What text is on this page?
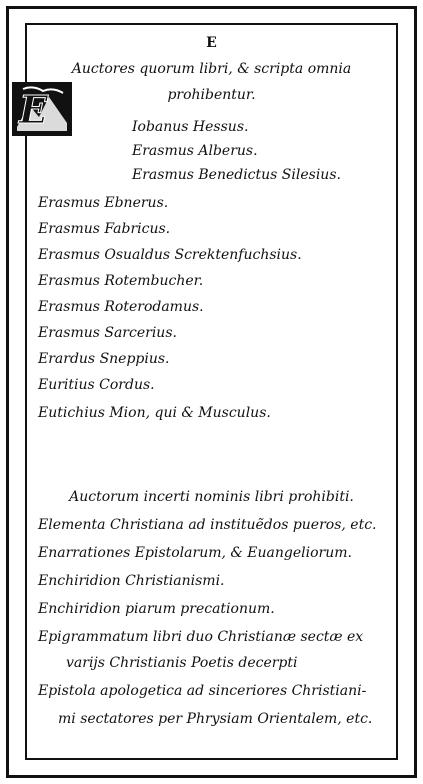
E
Auctores quorum libri, & scripta omnia
prohibentur.
E	Iobanus Hessus.
Erasmus Alberus.
Erasmus Benedictus Silesius.
Erasmus Ebnerus.
Erasmus Fabricus.
Erasmus Osualdus Screktenfuchsius.
Erasmus Rotembucher.
Erasmus Roterodamus.
Erasmus Sarcerius.
Erardus Sneppius.
Euritius Cordus.
Eutichius Mion, qui & Musculus.
Auctorum incerti nominis libri prohibiti.
Elementa Christiana ad instituẽdos pueros, etc.
Enarrationes Epistolarum, & Euangeliorum.
Enchiridion Christianismi.
Enchiridion piarum precationum.
Epigrammatum libri duo Christianæ sectæ ex
varijs Christianis Poetis decerpti
Epistola apologetica ad sinceriores Christiani-
mi sectatores per Phrysiam Orientalem, etc.
